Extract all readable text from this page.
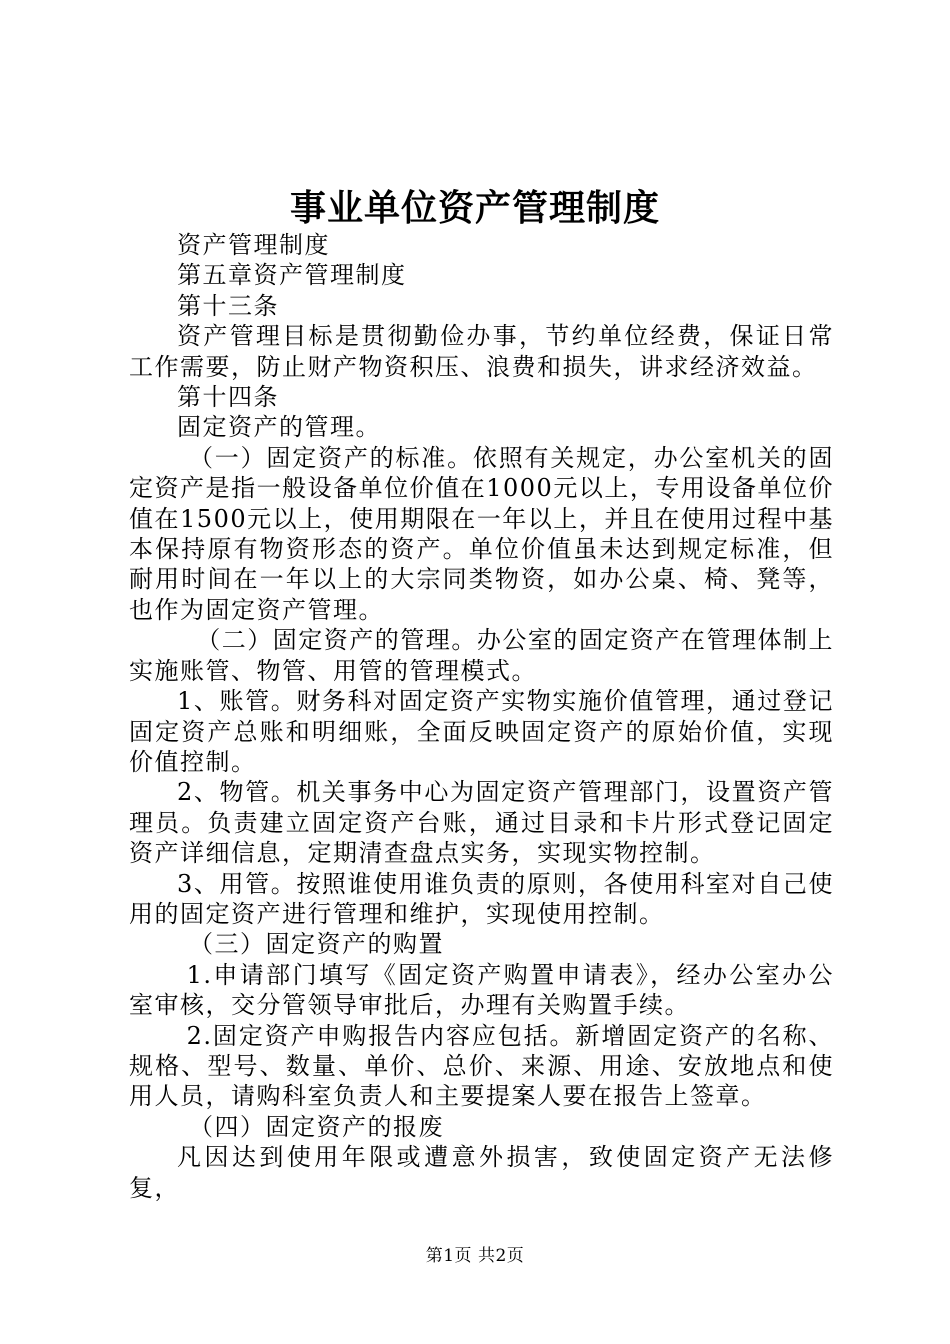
事业单位资产管理制度

资产管理制度

第五章资产管理制度

第十三条

资产管理目标是贯彻勤俭办事，节约单位经费，保证日常工作需要，防止财产物资积压、浪费和损失，讲求经济效益。

第十四条

固定资产的管理。

（一）固定资产的标准。依照有关规定，办公室机关的固定资产是指一般设备单位价值在1000元以上，专用设备单位价值在1500元以上，使用期限在一年以上，并且在使用过程中基本保持原有物资形态的资产。单位价值虽未达到规定标准，但耐用时间在一年以上的大宗同类物资，如办公桌、椅、凳等，也作为固定资产管理。

（二）固定资产的管理。办公室的固定资产在管理体制上实施账管、物管、用管的管理模式。

1、账管。财务科对固定资产实物实施价值管理，通过登记固定资产总账和明细账，全面反映固定资产的原始价值，实现价值控制。

2、物管。机关事务中心为固定资产管理部门，设置资产管理员。负责建立固定资产台账，通过目录和卡片形式登记固定资产详细信息，定期清查盘点实务，实现实物控制。

3、用管。按照谁使用谁负责的原则，各使用科室对自己使用的固定资产进行管理和维护，实现使用控制。

（三）固定资产的购置

1.申请部门填写《固定资产购置申请表》，经办公室办公室审核，交分管领导审批后，办理有关购置手续。

2.固定资产申购报告内容应包括。新增固定资产的名称、规格、型号、数量、单价、总价、来源、用途、安放地点和使用人员，请购科室负责人和主要提案人要在报告上签章。

（四）固定资产的报废

凡因达到使用年限或遭意外损害，致使固定资产无法修复，

第1页 共2页
